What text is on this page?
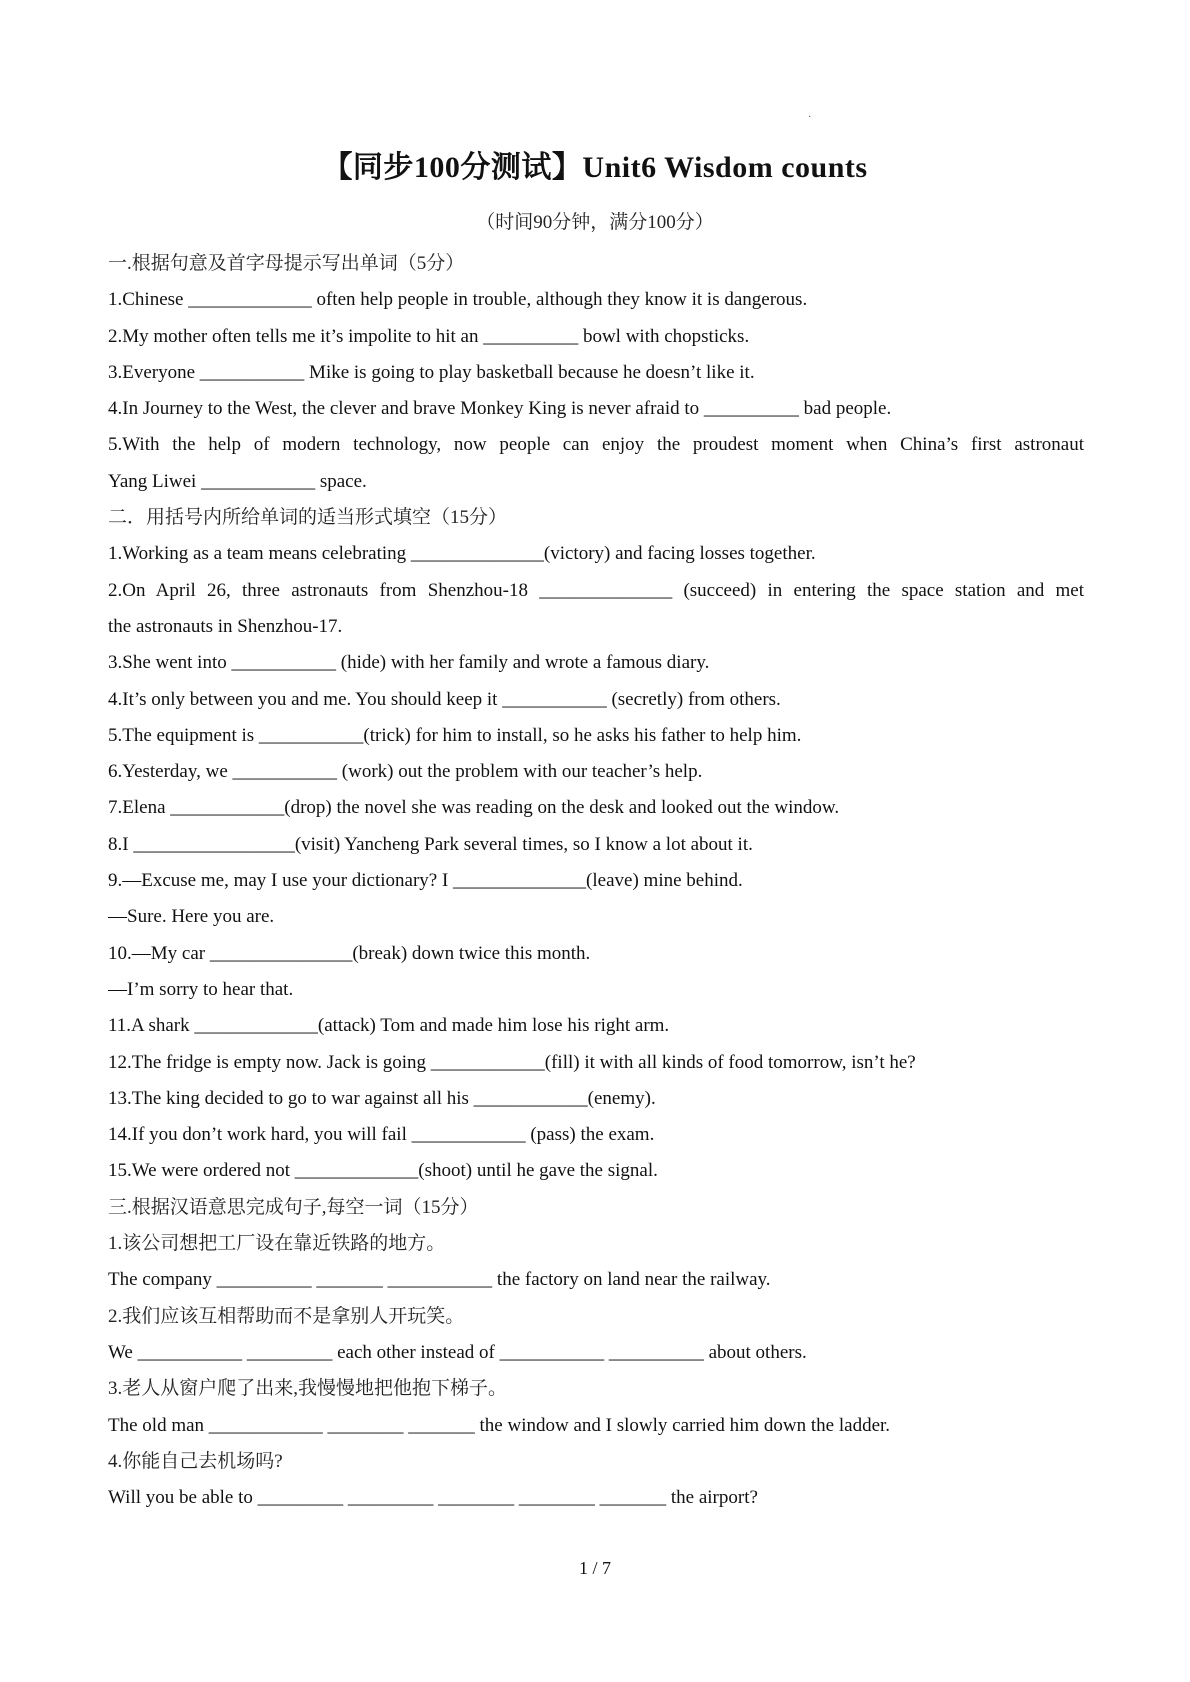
·
【同步100分测试】Unit6 Wisdom counts
（时间90分钟，满分100分）
一.根据句意及首字母提示写出单词（5分）
1.Chinese _____________ often help people in trouble, although they know it is dangerous.
2.My mother often tells me it’s impolite to hit an __________ bowl with chopsticks.
3.Everyone ___________ Mike is going to play basketball because he doesn’t like it.
4.In Journey to the West, the clever and brave Monkey King is never afraid to __________ bad people.
5.With the help of modern technology, now people can enjoy the proudest moment when China’s first astronaut
Yang Liwei ____________ space.
二．用括号内所给单词的适当形式填空（15分）
1.Working as a team means celebrating ______________(victory) and facing losses together.
2.On April 26, three astronauts from Shenzhou-18 ______________ (succeed) in entering the space station and met
the astronauts in Shenzhou-17.
3.She went into ___________ (hide) with her family and wrote a famous diary.
4.It’s only between you and me. You should keep it ___________ (secretly) from others.
5.The equipment is ___________(trick) for him to install, so he asks his father to help him.
6.Yesterday, we ___________ (work) out the problem with our teacher’s help.
7.Elena ____________(drop) the novel she was reading on the desk and looked out the window.
8.I _________________(visit) Yancheng Park several times, so I know a lot about it.
9.—Excuse me, may I use your dictionary? I ______________(leave) mine behind.
—Sure. Here you are.
10.—My car _______________(break) down twice this month.
—I’m sorry to hear that.
11.A shark _____________(attack) Tom and made him lose his right arm.
12.The fridge is empty now. Jack is going ____________(fill) it with all kinds of food tomorrow, isn’t he?
13.The king decided to go to war against all his ____________(enemy).
14.If you don’t work hard, you will fail ____________ (pass) the exam.
15.We were ordered not _____________(shoot) until he gave the signal.
三.根据汉语意思完成句子,每空一词（15分）
1.该公司想把工厂设在靠近铁路的地方。
The company __________ _______ ___________ the factory on land near the railway.
2.我们应该互相帮助而不是拿别人开玩笑。
We ___________ _________ each other instead of ___________ __________ about others.
3.老人从窗户爬了出来,我慢慢地把他抱下梯子。
The old man ____________ ________ _______ the window and I slowly carried him down the ladder.
4.你能自己去机场吗?
Will you be able to _________ _________ ________ ________ _______ the airport?
1 / 7
